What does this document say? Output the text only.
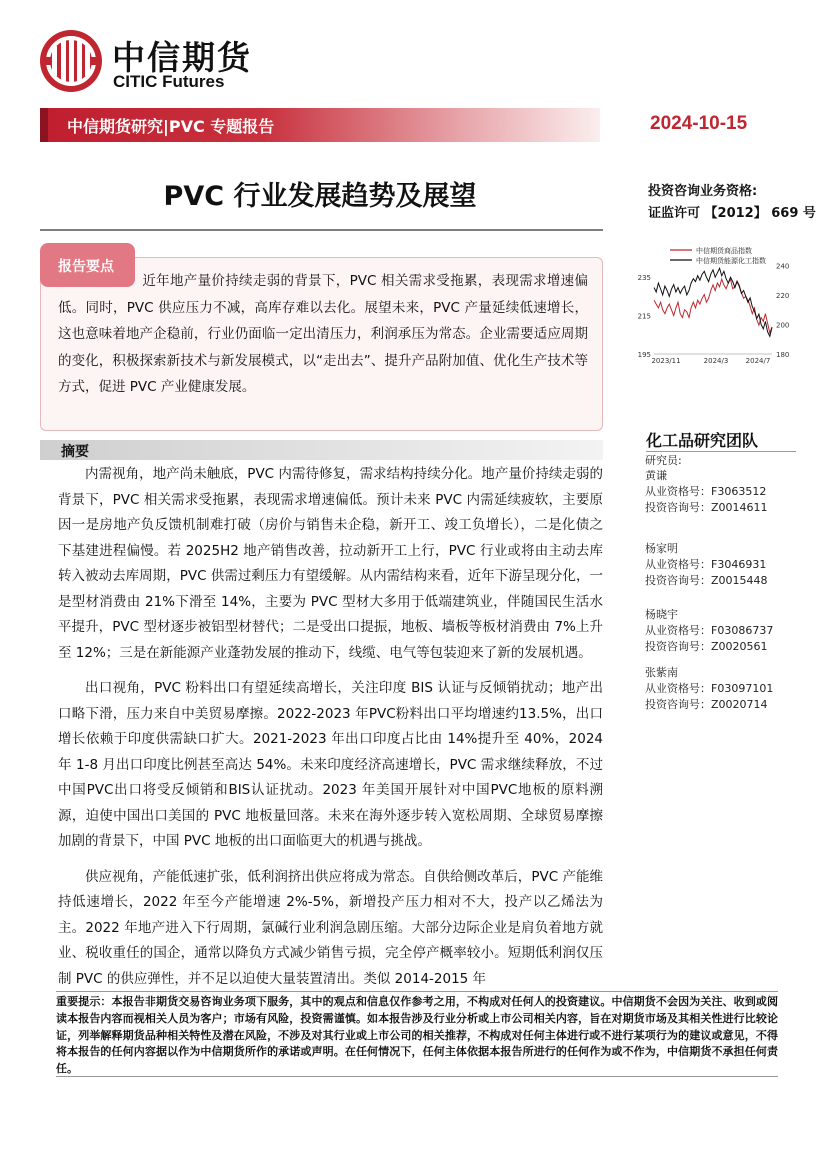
中信期货
CITIC Futures
中信期货研究|PVC 专题报告	2024-10-15
PVC 行业发展趋势及展望	投资咨询业务资格:
证监许可 【2012】 669 号
报告要点
近年地产量价持续走弱的背景下，PVC 相关需求受拖累，表现需求增速偏低。同时，PVC 供应压力不减，高库存难以去化。展望未来，PVC 产量延续低速增长，这也意味着地产企稳前，行业仍面临一定出清压力，利润承压为常态。企业需要适应周期的变化，积极探索新技术与新发展模式，以“走出去”、提升产品附加值、优化生产技术等方式，促进 PVC 产业健康发展。
摘要

内需视角，地产尚未触底，PVC 内需待修复，需求结构持续分化。地产量价持续走弱的背景下，PVC 相关需求受拖累，表现需求增速偏低。预计未来 PVC 内需延续疲软，主要原因一是房地产负反馈机制难打破（房价与销售未企稳，新开工、竣工负增长），二是化债之下基建进程偏慢。若 2025H2 地产销售改善，拉动新开工上行，PVC 行业或将由主动去库转入被动去库周期，PVC 供需过剩压力有望缓解。从内需结构来看，近年下游呈现分化，一是型材消费由 21%下滑至 14%，主要为 PVC 型材大多用于低端建筑业，伴随国民生活水平提升，PVC 型材逐步被铝型材替代；二是受出口提振，地板、墙板等板材消费由 7%上升至 12%；三是在新能源产业蓬勃发展的推动下，线缆、电气等包装迎来了新的发展机遇。

出口视角，PVC 粉料出口有望延续高增长，关注印度 BIS 认证与反倾销扰动；地产出口略下滑，压力来自中美贸易摩擦。2022-2023 年PVC粉料出口平均增速约13.5%，出口增长依赖于印度供需缺口扩大。2021-2023 年出口印度占比由 14%提升至 40%，2024 年 1-8 月出口印度比例甚至高达 54%。未来印度经济高速增长，PVC 需求继续释放，不过中国PVC出口将受反倾销和BIS认证扰动。2023 年美国开展针对中国PVC地板的原料溯源，迫使中国出口美国的 PVC 地板量回落。未来在海外逐步转入宽松周期、全球贸易摩擦加剧的背景下，中国 PVC 地板的出口面临更大的机遇与挑战。

供应视角，产能低速扩张，低利润挤出供应将成为常态。自供给侧改革后，PVC 产能维持低速增长，2022 年至今产能增速 2%-5%，新增投产压力相对不大，投产以乙烯法为主。2022 年地产进入下行周期，氯碱行业利润急剧压缩。大部分边际企业是肩负着地方就业、税收重任的国企，通常以降负方式减少销售亏损，完全停产概率较小。短期低利润仅压制 PVC 的供应弹性，并不足以迫使大量装置清出。类似 2014-2015 年

中信期货商品指数
中信期货能源化工指数
195
215
235
180
200
220
240
2023/11	2024/3 2024/7
化工品研究团队
研究员:
黄谦
从业资格号：F3063512
投资咨询号：Z0014611
杨家明
从业资格号：F3046931
投资咨询号：Z0015448
杨晓宇
从业资格号：F03086737
投资咨询号：Z0020561
张紫南
从业资格号：F03097101
投资咨询号：Z0020714
重要提示：本报告非期货交易咨询业务项下服务，其中的观点和信息仅作参考之用，不构成对任何人的投资建议。中信期货不会因为关注、收到或阅读本报告内容而视相关人员为客户；市场有风险，投资需谨慎。如本报告涉及行业分析或上市公司相关内容，旨在对期货市场及其相关性进行比较论证，列举解释期货品种相关特性及潜在风险，不涉及对其行业或上市公司的相关推荐，不构成对任何主体进行或不进行某项行为的建议或意见，不得将本报告的任何内容据以作为中信期货所作的承诺或声明。在任何情况下，任何主体依据本报告所进行的任何作为或不作为，中信期货不承担任何责任。
